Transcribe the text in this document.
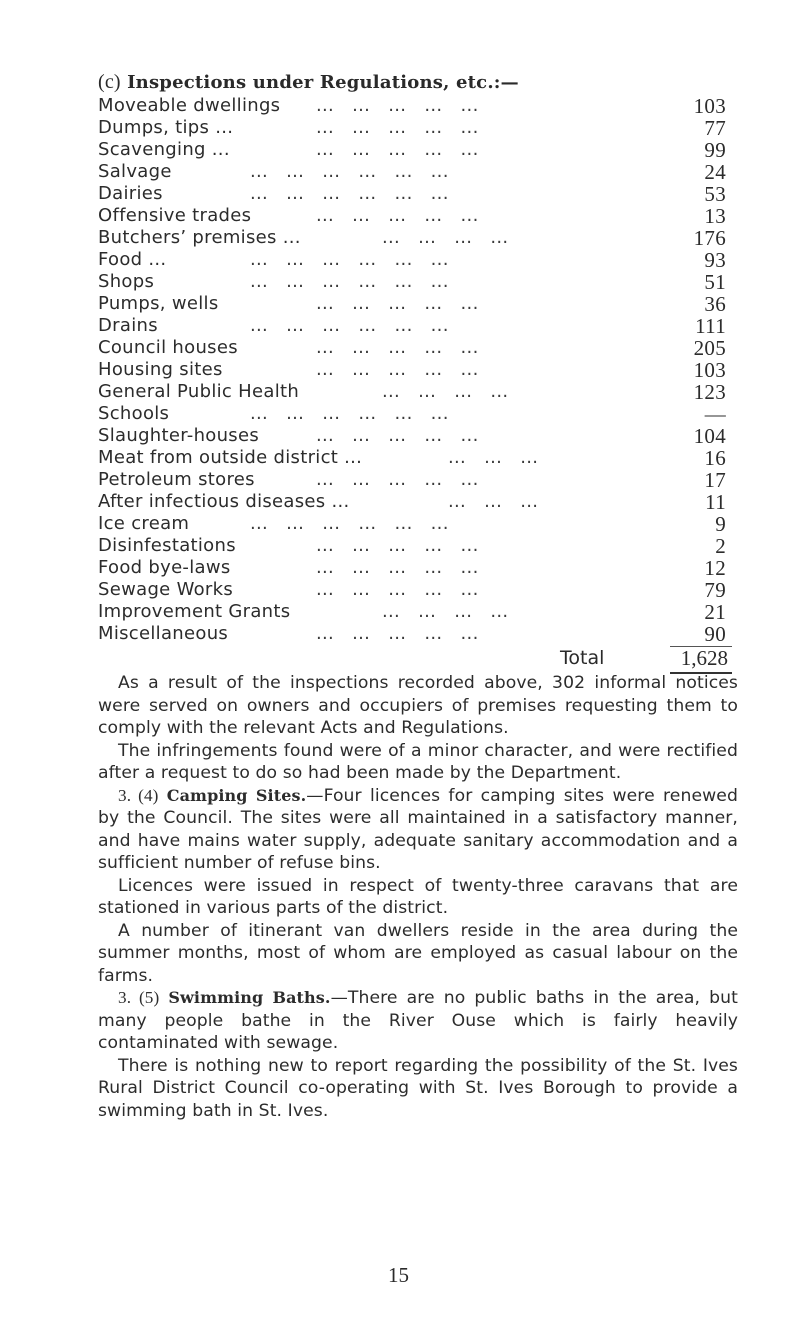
(c) Inspections under Regulations, etc.:—
Moveable dwellings ...   ...   ...   ...   ...	103
Dumps, tips ...	...   ...   ...   ...   ...	77
Scavenging ...	...   ...   ...   ...   ...	99
Salvage	...   ...   ...   ...   ...   ...	24
Dairies	...   ...   ...   ...   ...   ...	53
Offensive trades	...   ...   ...   ...   ...	13
Butchers’ premises ...	...   ...   ...   ...	176
Food ...	...   ...   ...   ...   ...   ...	93
Shops	...   ...   ...   ...   ...   ...	51
Pumps, wells	...   ...   ...   ...   ...	36
Drains	...   ...   ...   ...   ...   ...	111
Council houses	...   ...   ...   ...   ...	205
Housing sites	...   ...   ...   ...   ...	103
General Public Health	...   ...   ...   ...	123
Schools	...   ...   ...   ...   ...   ...	—
Slaughter-houses	...   ...   ...   ...   ...	104
Meat from outside district ...	...   ...   ...	16
Petroleum stores	...   ...   ...   ...   ...	17
After infectious diseases ...	...   ...   ...	11
Ice cream	...   ...   ...   ...   ...   ...	9
Disinfestations	...   ...   ...   ...   ...	2
Food bye-laws	...   ...   ...   ...   ...	12
Sewage Works	...   ...   ...   ...   ...	79
Improvement Grants	...   ...   ...   ...	21
Miscellaneous	...   ...   ...   ...   ...	90
Total	1,628

As a result of the inspections recorded above, 302 informal notices were served on owners and occupiers of premises requesting them to comply with the relevant Acts and Regulations.

The infringements found were of a minor character, and were rectified after a request to do so had been made by the Department.

3. (4) Camping Sites.—Four licences for camping sites were renewed by the Council. The sites were all maintained in a satisfactory manner, and have mains water supply, adequate sanitary accommodation and a sufficient number of refuse bins.

Licences were issued in respect of twenty-three caravans that are stationed in various parts of the district.

A number of itinerant van dwellers reside in the area during the summer months, most of whom are employed as casual labour on the farms.

3. (5) Swimming Baths.—There are no public baths in the area, but many people bathe in the River Ouse which is fairly heavily contaminated with sewage.

There is nothing new to report regarding the possibility of the St. Ives Rural District Council co-operating with St. Ives Borough to provide a swimming bath in St. Ives.

15
